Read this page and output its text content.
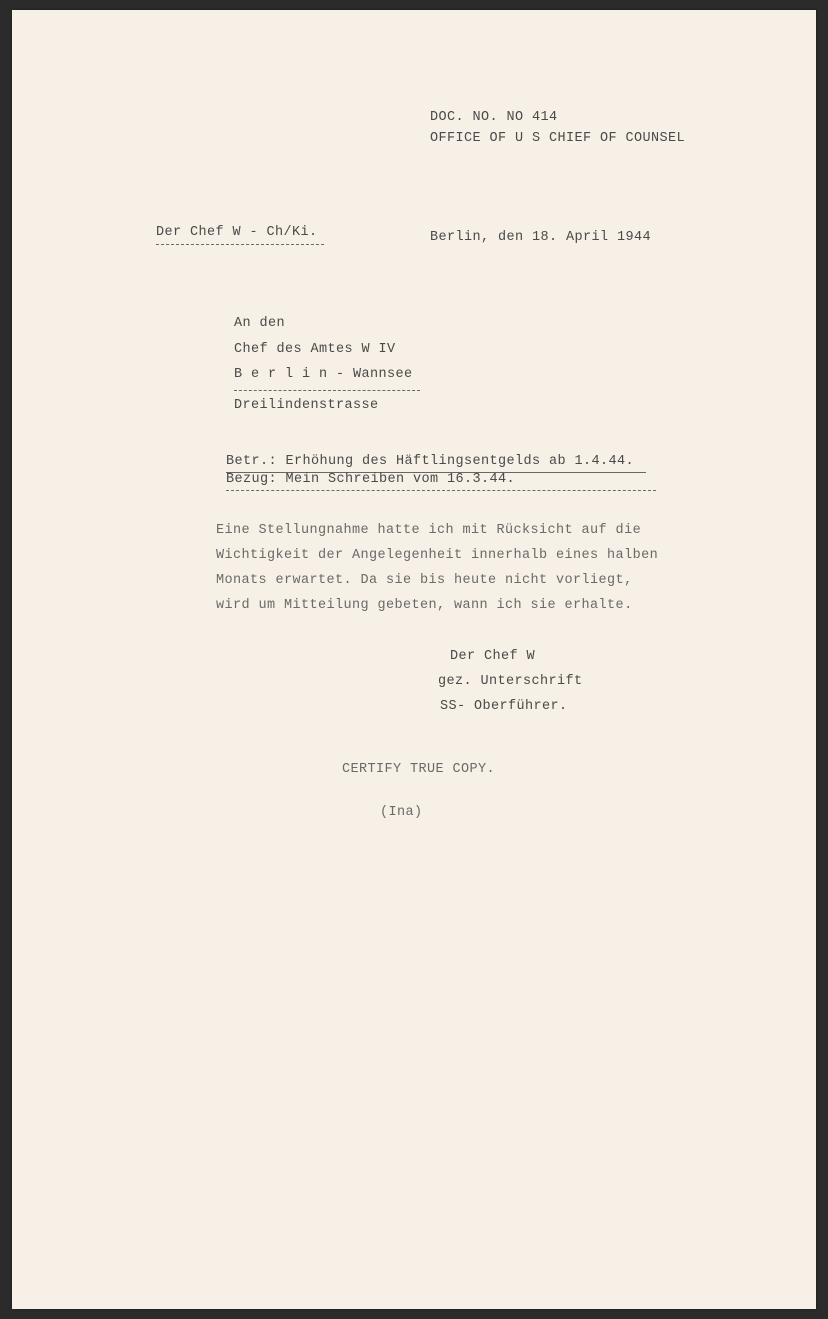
DOC. NO. NO 414
OFFICE OF U S CHIEF OF COUNSEL
Der Chef W - Ch/Ki.	Berlin, den 18. April 1944
An den
Chef des Amtes W IV
B e r l i n - Wannsee
Dreilindenstrasse
Betr.: Erhöhung des Häftlingsentgelds ab 1.4.44.
Bezug: Mein Schreiben vom 16.3.44.
Eine Stellungnahme hatte ich mit Rücksicht auf die
Wichtigkeit der Angelegenheit innerhalb eines halben
Monats erwartet. Da sie bis heute nicht vorliegt,
wird um Mitteilung gebeten, wann ich sie erhalte.
Der Chef W
gez. Unterschrift
SS- Oberführer.
CERTIFY TRUE COPY.
(Ina)
